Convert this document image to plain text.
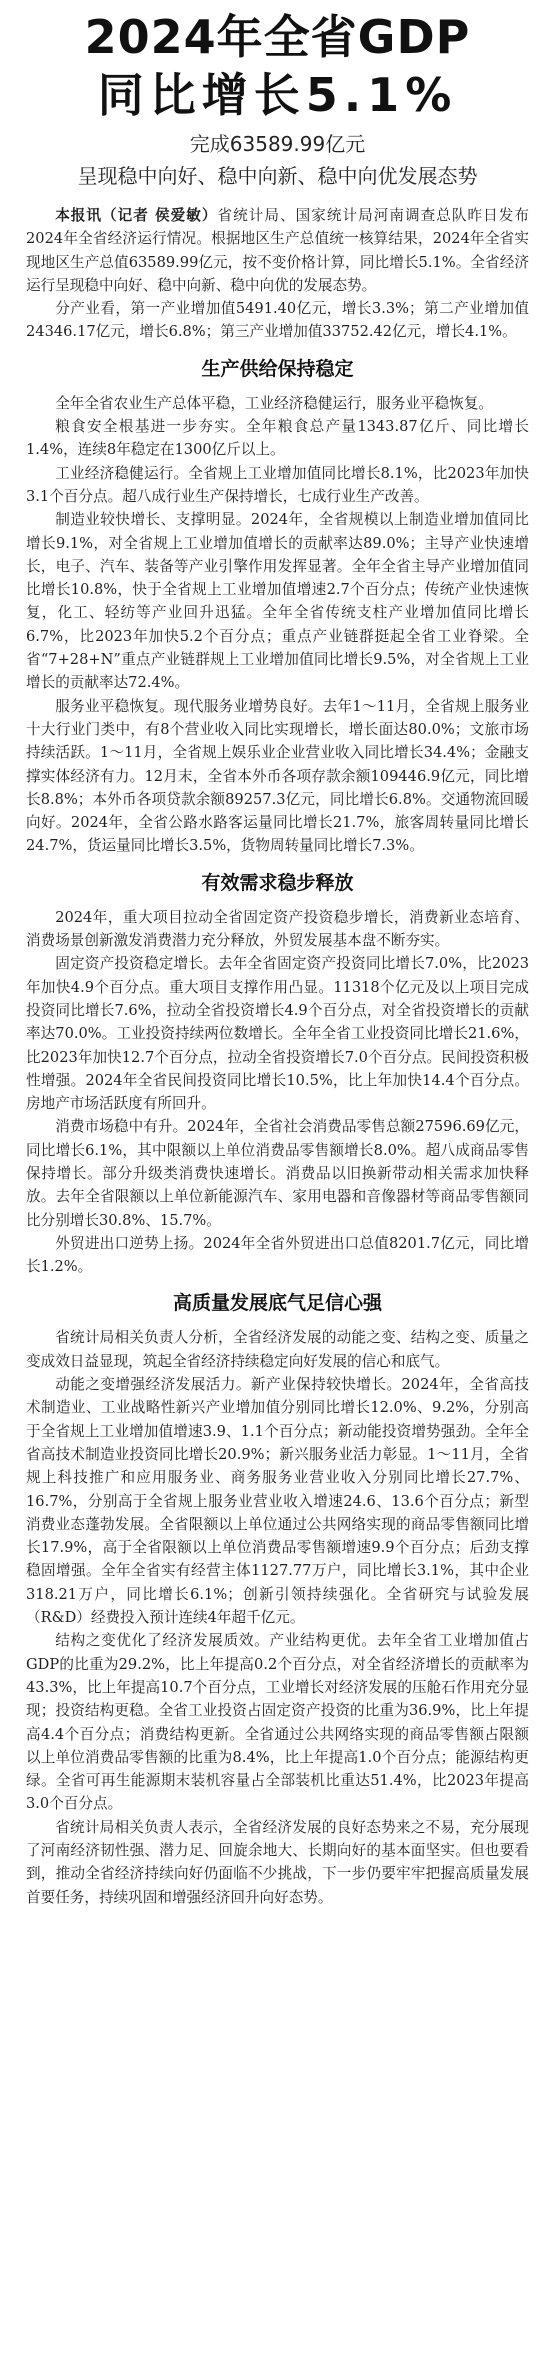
2024年全省GDP
同比增长5.1%

完成63589.99亿元

呈现稳中向好、稳中向新、稳中向优发展态势

本报讯（记者 侯爱敏）省统计局、国家统计局河南调查总队昨日发布2024年全省经济运行情况。根据地区生产总值统一核算结果，2024年全省实现地区生产总值63589.99亿元，按不变价格计算，同比增长5.1%。全省经济运行呈现稳中向好、稳中向新、稳中向优的发展态势。

分产业看，第一产业增加值5491.40亿元，增长3.3%；第二产业增加值24346.17亿元，增长6.8%；第三产业增加值33752.42亿元，增长4.1%。

生产供给保持稳定

全年全省农业生产总体平稳，工业经济稳健运行，服务业平稳恢复。

粮食安全根基进一步夯实。全年粮食总产量1343.87亿斤、同比增长1.4%，连续8年稳定在1300亿斤以上。

工业经济稳健运行。全省规上工业增加值同比增长8.1%，比2023年加快3.1个百分点。超八成行业生产保持增长，七成行业生产改善。

制造业较快增长、支撑明显。2024年，全省规模以上制造业增加值同比增长9.1%，对全省规上工业增加值增长的贡献率达89.0%；主导产业快速增长，电子、汽车、装备等产业引擎作用发挥显著。全年全省主导产业增加值同比增长10.8%，快于全省规上工业增加值增速2.7个百分点；传统产业快速恢复，化工、轻纺等产业回升迅猛。全年全省传统支柱产业增加值同比增长6.7%，比2023年加快5.2个百分点；重点产业链群挺起全省工业脊梁。全省“7+28+N”重点产业链群规上工业增加值同比增长9.5%，对全省规上工业增长的贡献率达72.4%。

服务业平稳恢复。现代服务业增势良好。去年1～11月，全省规上服务业十大行业门类中，有8个营业收入同比实现增长，增长面达80.0%；文旅市场持续活跃。1～11月，全省规上娱乐业企业营业收入同比增长34.4%；金融支撑实体经济有力。12月末，全省本外币各项存款余额109446.9亿元，同比增长8.8%；本外币各项贷款余额89257.3亿元，同比增长6.8%。交通物流回暖向好。2024年，全省公路水路客运量同比增长21.7%，旅客周转量同比增长24.7%，货运量同比增长3.5%，货物周转量同比增长7.3%。

有效需求稳步释放

2024年，重大项目拉动全省固定资产投资稳步增长，消费新业态培育、消费场景创新激发消费潜力充分释放，外贸发展基本盘不断夯实。

固定资产投资稳定增长。去年全省固定资产投资同比增长7.0%，比2023年加快4.9个百分点。重大项目支撑作用凸显。11318个亿元及以上项目完成投资同比增长7.6%，拉动全省投资增长4.9个百分点，对全省投资增长的贡献率达70.0%。工业投资持续两位数增长。全年全省工业投资同比增长21.6%，比2023年加快12.7个百分点，拉动全省投资增长7.0个百分点。民间投资积极性增强。2024年全省民间投资同比增长10.5%，比上年加快14.4个百分点。房地产市场活跃度有所回升。

消费市场稳中有升。2024年，全省社会消费品零售总额27596.69亿元，同比增长6.1%，其中限额以上单位消费品零售额增长8.0%。超八成商品零售保持增长。部分升级类消费快速增长。消费品以旧换新带动相关需求加快释放。去年全省限额以上单位新能源汽车、家用电器和音像器材等商品零售额同比分别增长30.8%、15.7%。

外贸进出口逆势上扬。2024年全省外贸进出口总值8201.7亿元，同比增长1.2%。

高质量发展底气足信心强

省统计局相关负责人分析，全省经济发展的动能之变、结构之变、质量之变成效日益显现，筑起全省经济持续稳定向好发展的信心和底气。

动能之变增强经济发展活力。新产业保持较快增长。2024年，全省高技术制造业、工业战略性新兴产业增加值分别同比增长12.0%、9.2%，分别高于全省规上工业增加值增速3.9、1.1个百分点；新动能投资增势强劲。全年全省高技术制造业投资同比增长20.9%；新兴服务业活力彰显。1～11月，全省规上科技推广和应用服务业、商务服务业营业收入分别同比增长27.7%、16.7%，分别高于全省规上服务业营业收入增速24.6、13.6个百分点；新型消费业态蓬勃发展。全省限额以上单位通过公共网络实现的商品零售额同比增长17.9%，高于全省限额以上单位消费品零售额增速9.9个百分点；后劲支撑稳固增强。全年全省实有经营主体1127.77万户，同比增长3.1%，其中企业318.21万户，同比增长6.1%；创新引领持续强化。全省研究与试验发展（R&D）经费投入预计连续4年超千亿元。

结构之变优化了经济发展质效。产业结构更优。去年全省工业增加值占GDP的比重为29.2%，比上年提高0.2个百分点，对全省经济增长的贡献率为43.3%，比上年提高10.7个百分点，工业增长对经济发展的压舱石作用充分显现；投资结构更稳。全省工业投资占固定资产投资的比重为36.9%，比上年提高4.4个百分点；消费结构更新。全省通过公共网络实现的商品零售额占限额以上单位消费品零售额的比重为8.4%，比上年提高1.0个百分点；能源结构更绿。全省可再生能源期末装机容量占全部装机比重达51.4%，比2023年提高3.0个百分点。

省统计局相关负责人表示，全省经济发展的良好态势来之不易，充分展现了河南经济韧性强、潜力足、回旋余地大、长期向好的基本面坚实。但也要看到，推动全省经济持续向好仍面临不少挑战，下一步仍要牢牢把握高质量发展首要任务，持续巩固和增强经济回升向好态势。
